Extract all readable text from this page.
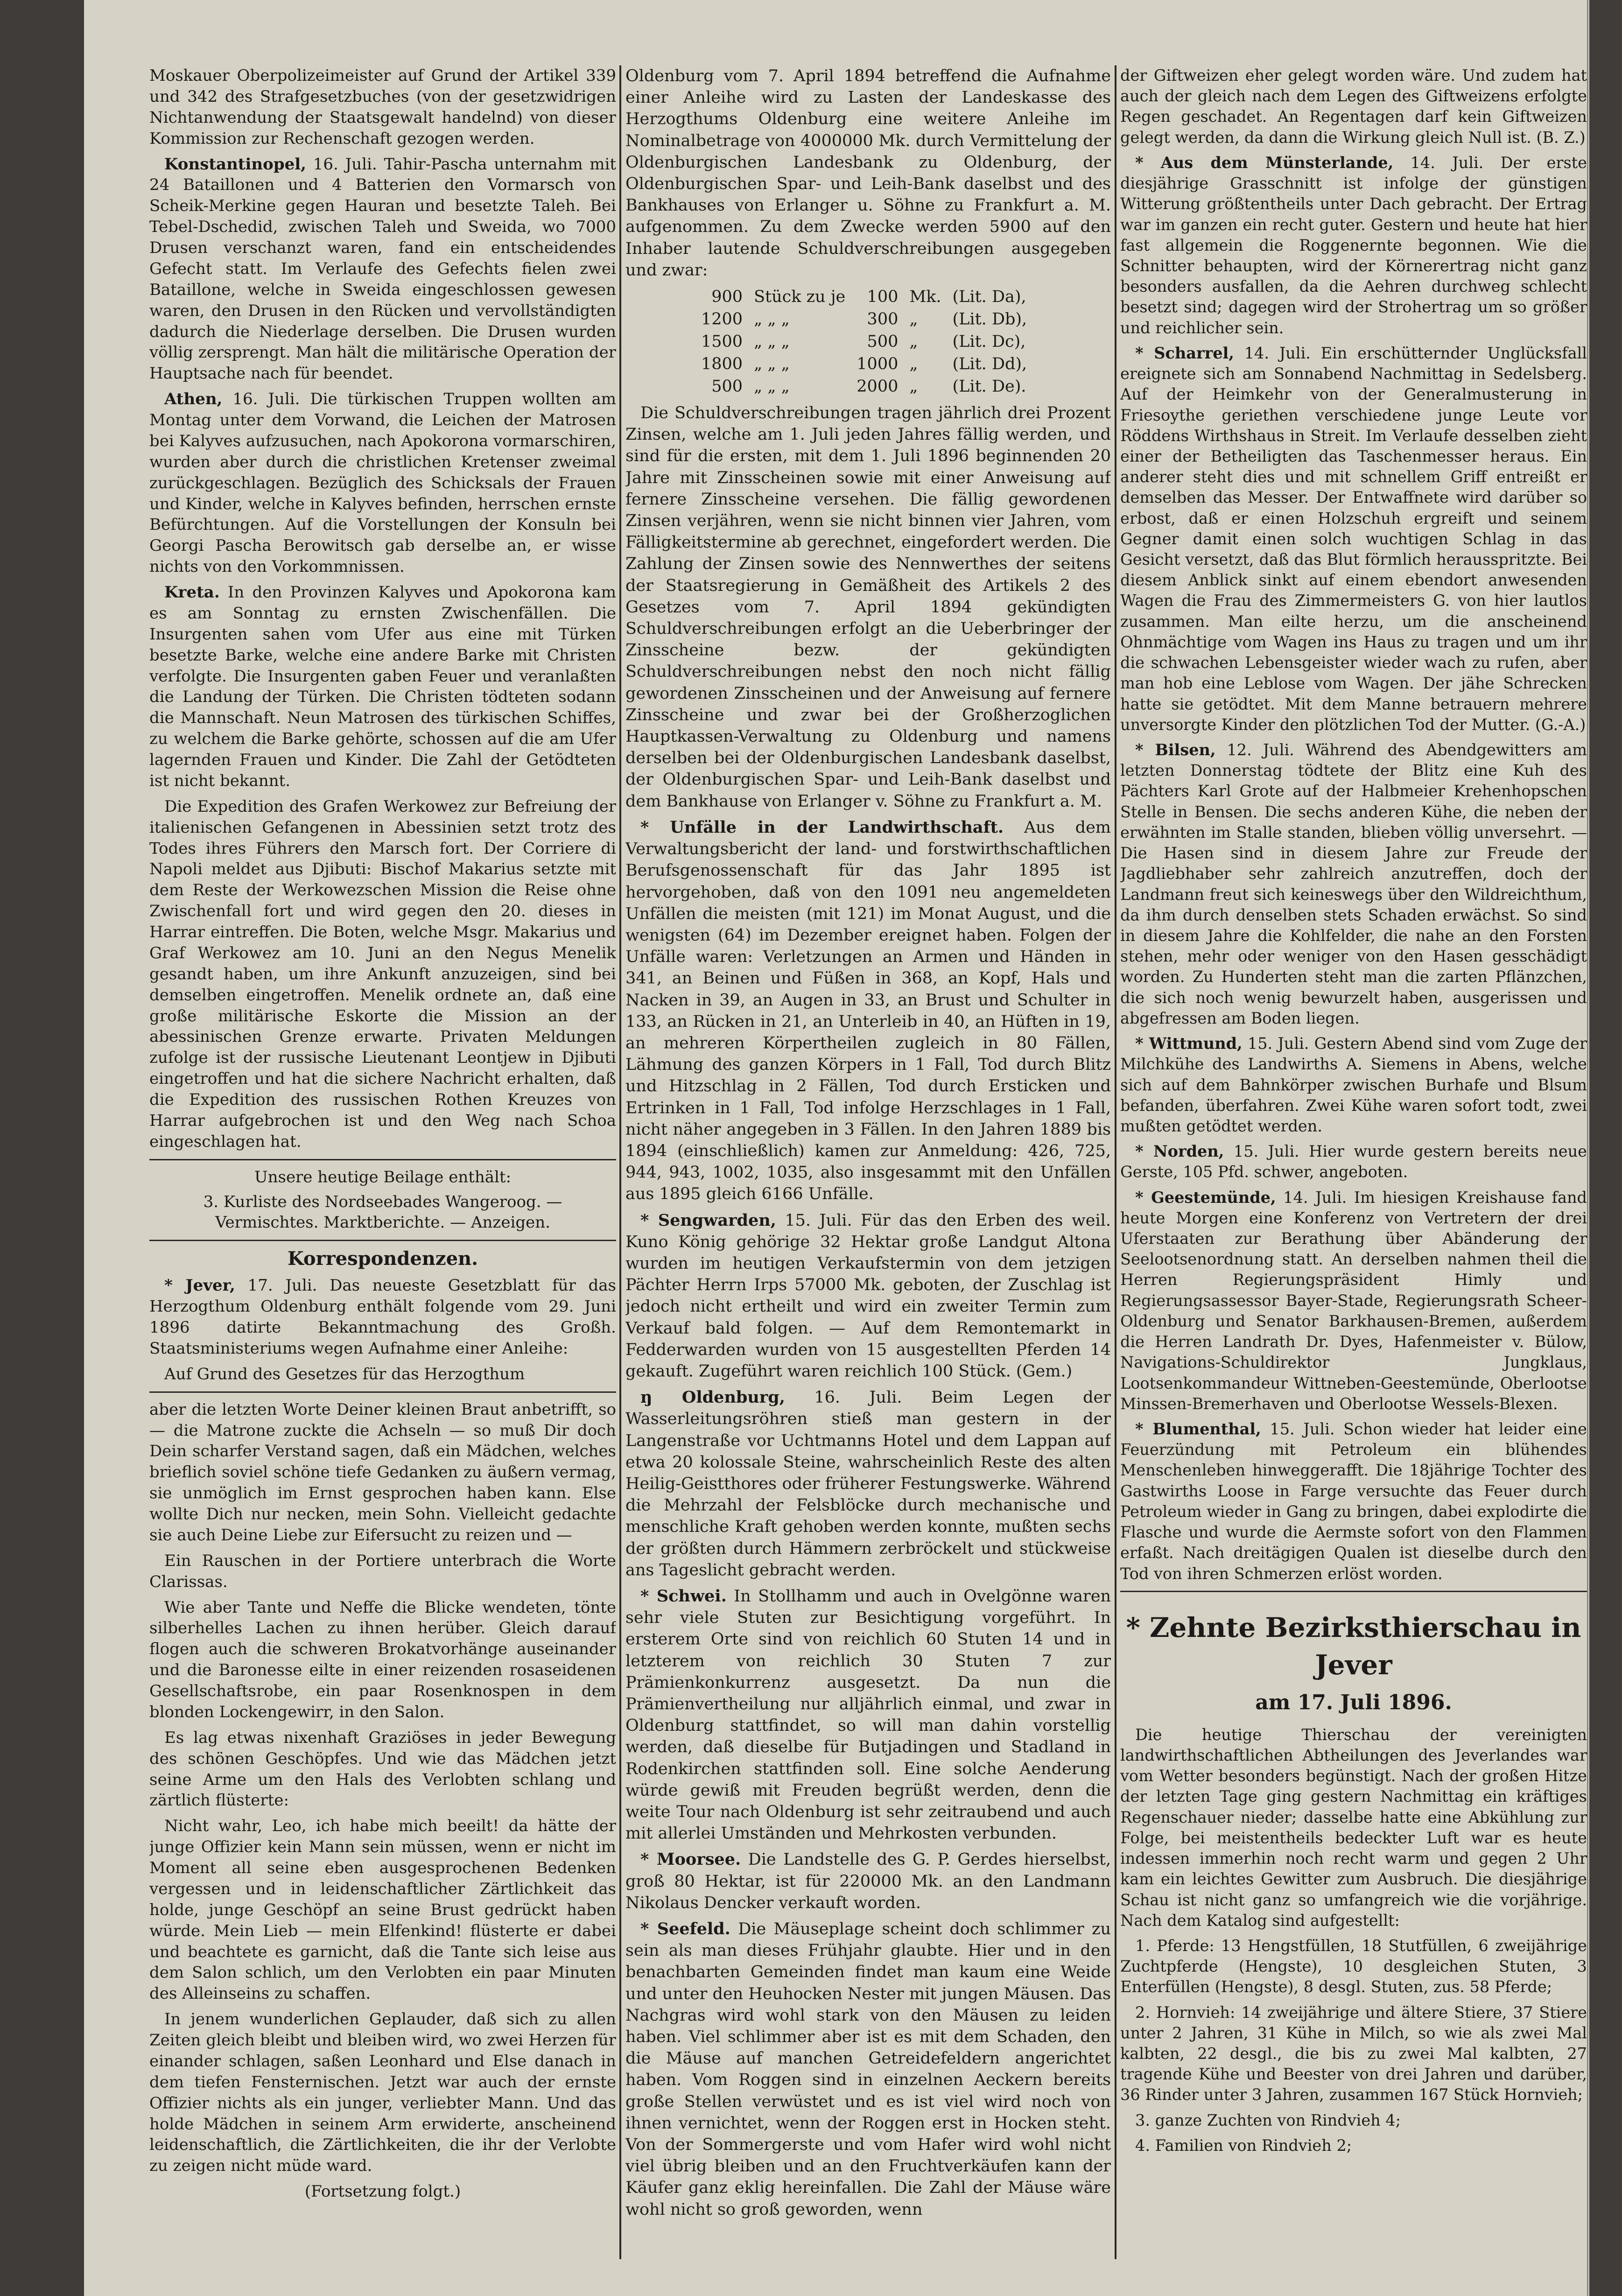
Moskauer Oberpolizeimeister auf Grund der Artikel 339 und 342 des Strafgesetzbuches (von der gesetzwidrigen Nichtanwendung der Staatsgewalt handelnd) von dieser Kommission zur Rechenschaft gezogen werden.

Konstantinopel, 16. Juli. Tahir-Pascha unternahm mit 24 Bataillonen und 4 Batterien den Vormarsch von Scheik-Merkine gegen Hauran und besetzte Taleh. Bei Tebel-Dschedid, zwischen Taleh und Sweida, wo 7000 Drusen verschanzt waren, fand ein entscheidendes Gefecht statt. Im Verlaufe des Gefechts fielen zwei Bataillone, welche in Sweida eingeschlossen gewesen waren, den Drusen in den Rücken und vervollständigten dadurch die Niederlage derselben. Die Drusen wurden völlig zersprengt. Man hält die militärische Operation der Hauptsache nach für beendet.

Athen, 16. Juli. Die türkischen Truppen wollten am Montag unter dem Vorwand, die Leichen der Matrosen bei Kalyves aufzusuchen, nach Apokorona vormarschiren, wurden aber durch die christlichen Kretenser zweimal zurückgeschlagen. Bezüglich des Schicksals der Frauen und Kinder, welche in Kalyves befinden, herrschen ernste Befürchtungen. Auf die Vorstellungen der Konsuln bei Georgi Pascha Berowitsch gab derselbe an, er wisse nichts von den Vorkommnissen.

Kreta. In den Provinzen Kalyves und Apokorona kam es am Sonntag zu ernsten Zwischenfällen. Die Insurgenten sahen vom Ufer aus eine mit Türken besetzte Barke, welche eine andere Barke mit Christen verfolgte. Die Insurgenten gaben Feuer und veranlaßten die Landung der Türken. Die Christen tödteten sodann die Mannschaft. Neun Matrosen des türkischen Schiffes, zu welchem die Barke gehörte, schossen auf die am Ufer lagernden Frauen und Kinder. Die Zahl der Getödteten ist nicht bekannt.

Die Expedition des Grafen Werkowez zur Befreiung der italienischen Gefangenen in Abessinien setzt trotz des Todes ihres Führers den Marsch fort. Der Corriere di Napoli meldet aus Djibuti: Bischof Makarius setzte mit dem Reste der Werkowezschen Mission die Reise ohne Zwischenfall fort und wird gegen den 20. dieses in Harrar eintreffen. Die Boten, welche Msgr. Makarius und Graf Werkowez am 10. Juni an den Negus Menelik gesandt haben, um ihre Ankunft anzuzeigen, sind bei demselben eingetroffen. Menelik ordnete an, daß eine große militärische Eskorte die Mission an der abessinischen Grenze erwarte. Privaten Meldungen zufolge ist der russische Lieutenant Leontjew in Djibuti eingetroffen und hat die sichere Nachricht erhalten, daß die Expedition des russischen Rothen Kreuzes von Harrar aufgebrochen ist und den Weg nach Schoa eingeschlagen hat.

Unsere heutige Beilage enthält:
3. Kurliste des Nordseebades Wangeroog. — Vermischtes. Marktberichte. — Anzeigen.
Korrespondenzen.

* Jever, 17. Juli. Das neueste Gesetzblatt für das Herzogthum Oldenburg enthält folgende vom 29. Juni 1896 datirte Bekanntmachung des Großh. Staatsministeriums wegen Aufnahme einer Anleihe:

Auf Grund des Gesetzes für das Herzogthum

aber die letzten Worte Deiner kleinen Braut anbetrifft, so — die Matrone zuckte die Achseln — so muß Dir doch Dein scharfer Verstand sagen, daß ein Mädchen, welches brieflich soviel schöne tiefe Gedanken zu äußern vermag, sie unmöglich im Ernst gesprochen haben kann. Else wollte Dich nur necken, mein Sohn. Vielleicht gedachte sie auch Deine Liebe zur Eifersucht zu reizen und —

Ein Rauschen in der Portiere unterbrach die Worte Clarissas.

Wie aber Tante und Neffe die Blicke wendeten, tönte silberhelles Lachen zu ihnen herüber. Gleich darauf flogen auch die schweren Brokatvorhänge auseinander und die Baronesse eilte in einer reizenden rosaseidenen Gesellschaftsrobe, ein paar Rosenknospen in dem blonden Lockengewirr, in den Salon.

Es lag etwas nixenhaft Graziöses in jeder Bewegung des schönen Geschöpfes. Und wie das Mädchen jetzt seine Arme um den Hals des Verlobten schlang und zärtlich flüsterte:

Nicht wahr, Leo, ich habe mich beeilt! da hätte der junge Offizier kein Mann sein müssen, wenn er nicht im Moment all seine eben ausgesprochenen Bedenken vergessen und in leidenschaftlicher Zärtlichkeit das holde, junge Geschöpf an seine Brust gedrückt haben würde. Mein Lieb — mein Elfenkind! flüsterte er dabei und beachtete es garnicht, daß die Tante sich leise aus dem Salon schlich, um den Verlobten ein paar Minuten des Alleinseins zu schaffen.

In jenem wunderlichen Geplauder, daß sich zu allen Zeiten gleich bleibt und bleiben wird, wo zwei Herzen für einander schlagen, saßen Leonhard und Else danach in dem tiefen Fensternischen. Jetzt war auch der ernste Offizier nichts als ein junger, verliebter Mann. Und das holde Mädchen in seinem Arm erwiderte, anscheinend leidenschaftlich, die Zärtlichkeiten, die ihr der Verlobte zu zeigen nicht müde ward.

(Fortsetzung folgt.)

Oldenburg vom 7. April 1894 betreffend die Aufnahme einer Anleihe wird zu Lasten der Landeskasse des Herzogthums Oldenburg eine weitere Anleihe im Nominalbetrage von 4000000 Mk. durch Vermittelung der Oldenburgischen Landesbank zu Oldenburg, der Oldenburgischen Spar- und Leih-Bank daselbst und des Bankhauses von Erlanger u. Söhne zu Frankfurt a. M. aufgenommen. Zu dem Zwecke werden 5900 auf den Inhaber lautende Schuldverschreibungen ausgegeben und zwar:

900	Stück zu je	100	Mk.	(Lit. Da),
1200	„ „ „	300	„	(Lit. Db),
1500	„ „ „	500	„	(Lit. Dc),
1800	„ „ „	1000	„	(Lit. Dd),
500	„ „ „	2000	„	(Lit. De).

Die Schuldverschreibungen tragen jährlich drei Prozent Zinsen, welche am 1. Juli jeden Jahres fällig werden, und sind für die ersten, mit dem 1. Juli 1896 beginnenden 20 Jahre mit Zinsscheinen sowie mit einer Anweisung auf fernere Zinsscheine versehen. Die fällig gewordenen Zinsen verjähren, wenn sie nicht binnen vier Jahren, vom Fälligkeitstermine ab gerechnet, eingefordert werden. Die Zahlung der Zinsen sowie des Nennwerthes der seitens der Staatsregierung in Gemäßheit des Artikels 2 des Gesetzes vom 7. April 1894 gekündigten Schuldverschreibungen erfolgt an die Ueberbringer der Zinsscheine bezw. der gekündigten Schuldverschreibungen nebst den noch nicht fällig gewordenen Zinsscheinen und der Anweisung auf fernere Zinsscheine und zwar bei der Großherzoglichen Hauptkassen-Verwaltung zu Oldenburg und namens derselben bei der Oldenburgischen Landesbank daselbst, der Oldenburgischen Spar- und Leih-Bank daselbst und dem Bankhause von Erlanger v. Söhne zu Frankfurt a. M.

* Unfälle in der Landwirthschaft. Aus dem Verwaltungsbericht der land- und forstwirthschaftlichen Berufsgenossenschaft für das Jahr 1895 ist hervorgehoben, daß von den 1091 neu angemeldeten Unfällen die meisten (mit 121) im Monat August, und die wenigsten (64) im Dezember ereignet haben. Folgen der Unfälle waren: Verletzungen an Armen und Händen in 341, an Beinen und Füßen in 368, an Kopf, Hals und Nacken in 39, an Augen in 33, an Brust und Schulter in 133, an Rücken in 21, an Unterleib in 40, an Hüften in 19, an mehreren Körpertheilen zugleich in 80 Fällen, Lähmung des ganzen Körpers in 1 Fall, Tod durch Blitz und Hitzschlag in 2 Fällen, Tod durch Ersticken und Ertrinken in 1 Fall, Tod infolge Herzschlages in 1 Fall, nicht näher angegeben in 3 Fällen. In den Jahren 1889 bis 1894 (einschließlich) kamen zur Anmeldung: 426, 725, 944, 943, 1002, 1035, also insgesammt mit den Unfällen aus 1895 gleich 6166 Unfälle.

* Sengwarden, 15. Juli. Für das den Erben des weil. Kuno König gehörige 32 Hektar große Landgut Altona wurden im heutigen Verkaufstermin von dem jetzigen Pächter Herrn Irps 57000 Mk. geboten, der Zuschlag ist jedoch nicht ertheilt und wird ein zweiter Termin zum Verkauf bald folgen. — Auf dem Remontemarkt in Fedderwarden wurden von 15 ausgestellten Pferden 14 gekauft. Zugeführt waren reichlich 100 Stück. (Gem.)

ŋ Oldenburg, 16. Juli. Beim Legen der Wasserleitungsröhren stieß man gestern in der Langenstraße vor Uchtmanns Hotel und dem Lappan auf etwa 20 kolossale Steine, wahrscheinlich Reste des alten Heilig-Geistthores oder früherer Festungswerke. Während die Mehrzahl der Felsblöcke durch mechanische und menschliche Kraft gehoben werden konnte, mußten sechs der größten durch Hämmern zerbröckelt und stückweise ans Tageslicht gebracht werden.

* Schwei. In Stollhamm und auch in Ovelgönne waren sehr viele Stuten zur Besichtigung vorgeführt. In ersterem Orte sind von reichlich 60 Stuten 14 und in letzterem von reichlich 30 Stuten 7 zur Prämienkonkurrenz ausgesetzt. Da nun die Prämienvertheilung nur alljährlich einmal, und zwar in Oldenburg stattfindet, so will man dahin vorstellig werden, daß dieselbe für Butjadingen und Stadland in Rodenkirchen stattfinden soll. Eine solche Aenderung würde gewiß mit Freuden begrüßt werden, denn die weite Tour nach Oldenburg ist sehr zeitraubend und auch mit allerlei Umständen und Mehrkosten verbunden.

* Moorsee. Die Landstelle des G. P. Gerdes hierselbst, groß 80 Hektar, ist für 220000 Mk. an den Landmann Nikolaus Dencker verkauft worden.

* Seefeld. Die Mäuseplage scheint doch schlimmer zu sein als man dieses Frühjahr glaubte. Hier und in den benachbarten Gemeinden findet man kaum eine Weide und unter den Heuhocken Nester mit jungen Mäusen. Das Nachgras wird wohl stark von den Mäusen zu leiden haben. Viel schlimmer aber ist es mit dem Schaden, den die Mäuse auf manchen Getreidefeldern angerichtet haben. Vom Roggen sind in einzelnen Aeckern bereits große Stellen verwüstet und es ist viel wird noch von ihnen vernichtet, wenn der Roggen erst in Hocken steht. Von der Sommergerste und vom Hafer wird wohl nicht viel übrig bleiben und an den Fruchtverkäufen kann der Käufer ganz eklig hereinfallen. Die Zahl der Mäuse wäre wohl nicht so groß geworden, wenn

der Giftweizen eher gelegt worden wäre. Und zudem hat auch der gleich nach dem Legen des Giftweizens erfolgte Regen geschadet. An Regentagen darf kein Giftweizen gelegt werden, da dann die Wirkung gleich Null ist. (B. Z.)

* Aus dem Münsterlande, 14. Juli. Der erste diesjährige Grasschnitt ist infolge der günstigen Witterung größtentheils unter Dach gebracht. Der Ertrag war im ganzen ein recht guter. Gestern und heute hat hier fast allgemein die Roggenernte begonnen. Wie die Schnitter behaupten, wird der Körnerertrag nicht ganz besonders ausfallen, da die Aehren durchweg schlecht besetzt sind; dagegen wird der Strohertrag um so größer und reichlicher sein.

* Scharrel, 14. Juli. Ein erschütternder Unglücksfall ereignete sich am Sonnabend Nachmittag in Sedelsberg. Auf der Heimkehr von der Generalmusterung in Friesoythe geriethen verschiedene junge Leute vor Röddens Wirthshaus in Streit. Im Verlaufe desselben zieht einer der Betheiligten das Taschenmesser heraus. Ein anderer steht dies und mit schnellem Griff entreißt er demselben das Messer. Der Entwaffnete wird darüber so erbost, daß er einen Holzschuh ergreift und seinem Gegner damit einen solch wuchtigen Schlag in das Gesicht versetzt, daß das Blut förmlich herausspritzte. Bei diesem Anblick sinkt auf einem ebendort anwesenden Wagen die Frau des Zimmermeisters G. von hier lautlos zusammen. Man eilte herzu, um die anscheinend Ohnmächtige vom Wagen ins Haus zu tragen und um ihr die schwachen Lebensgeister wieder wach zu rufen, aber man hob eine Leblose vom Wagen. Der jähe Schrecken hatte sie getödtet. Mit dem Manne betrauern mehrere unversorgte Kinder den plötzlichen Tod der Mutter. (G.-A.)

* Bilsen, 12. Juli. Während des Abendgewitters am letzten Donnerstag tödtete der Blitz eine Kuh des Pächters Karl Grote auf der Halbmeier Krehenhopschen Stelle in Bensen. Die sechs anderen Kühe, die neben der erwähnten im Stalle standen, blieben völlig unversehrt. — Die Hasen sind in diesem Jahre zur Freude der Jagdliebhaber sehr zahlreich anzutreffen, doch der Landmann freut sich keineswegs über den Wildreichthum, da ihm durch denselben stets Schaden erwächst. So sind in diesem Jahre die Kohlfelder, die nahe an den Forsten stehen, mehr oder weniger von den Hasen gesschädigt worden. Zu Hunderten steht man die zarten Pflänzchen, die sich noch wenig bewurzelt haben, ausgerissen und abgefressen am Boden liegen.

* Wittmund, 15. Juli. Gestern Abend sind vom Zuge der Milchkühe des Landwirths A. Siemens in Abens, welche sich auf dem Bahnkörper zwischen Burhafe und Blsum befanden, überfahren. Zwei Kühe waren sofort todt, zwei mußten getödtet werden.

* Norden, 15. Juli. Hier wurde gestern bereits neue Gerste, 105 Pfd. schwer, angeboten.

* Geestemünde, 14. Juli. Im hiesigen Kreishause fand heute Morgen eine Konferenz von Vertretern der drei Uferstaaten zur Berathung über Abänderung der Seelootsenordnung statt. An derselben nahmen theil die Herren Regierungspräsident Himly und Regierungsassessor Bayer-Stade, Regierungsrath Scheer-Oldenburg und Senator Barkhausen-Bremen, außerdem die Herren Landrath Dr. Dyes, Hafenmeister v. Bülow, Navigations-Schuldirektor Jungklaus, Lootsenkommandeur Wittneben-Geestemünde, Oberlootse Minssen-Bremerhaven und Oberlootse Wessels-Blexen.

* Blumenthal, 15. Juli. Schon wieder hat leider eine Feuerzündung mit Petroleum ein blühendes Menschenleben hinweggerafft. Die 18jährige Tochter des Gastwirths Loose in Farge versuchte das Feuer durch Petroleum wieder in Gang zu bringen, dabei explodirte die Flasche und wurde die Aermste sofort von den Flammen erfaßt. Nach dreitägigen Qualen ist dieselbe durch den Tod von ihren Schmerzen erlöst worden.

* Zehnte Bezirksthierschau in Jever
am 17. Juli 1896.

Die heutige Thierschau der vereinigten landwirthschaftlichen Abtheilungen des Jeverlandes war vom Wetter besonders begünstigt. Nach der großen Hitze der letzten Tage ging gestern Nachmittag ein kräftiges Regenschauer nieder; dasselbe hatte eine Abkühlung zur Folge, bei meistentheils bedeckter Luft war es heute indessen immerhin noch recht warm und gegen 2 Uhr kam ein leichtes Gewitter zum Ausbruch. Die diesjährige Schau ist nicht ganz so umfangreich wie die vorjährige. Nach dem Katalog sind aufgestellt:

1. Pferde: 13 Hengstfüllen, 18 Stutfüllen, 6 zweijährige Zuchtpferde (Hengste), 10 desgleichen Stuten, 3 Enterfüllen (Hengste), 8 desgl. Stuten, zus. 58 Pferde;

2. Hornvieh: 14 zweijährige und ältere Stiere, 37 Stiere unter 2 Jahren, 31 Kühe in Milch, so wie als zwei Mal kalbten, 22 desgl., die bis zu zwei Mal kalbten, 27 tragende Kühe und Beester von drei Jahren und darüber, 36 Rinder unter 3 Jahren, zusammen 167 Stück Hornvieh;

3. ganze Zuchten von Rindvieh 4;

4. Familien von Rindvieh 2;
